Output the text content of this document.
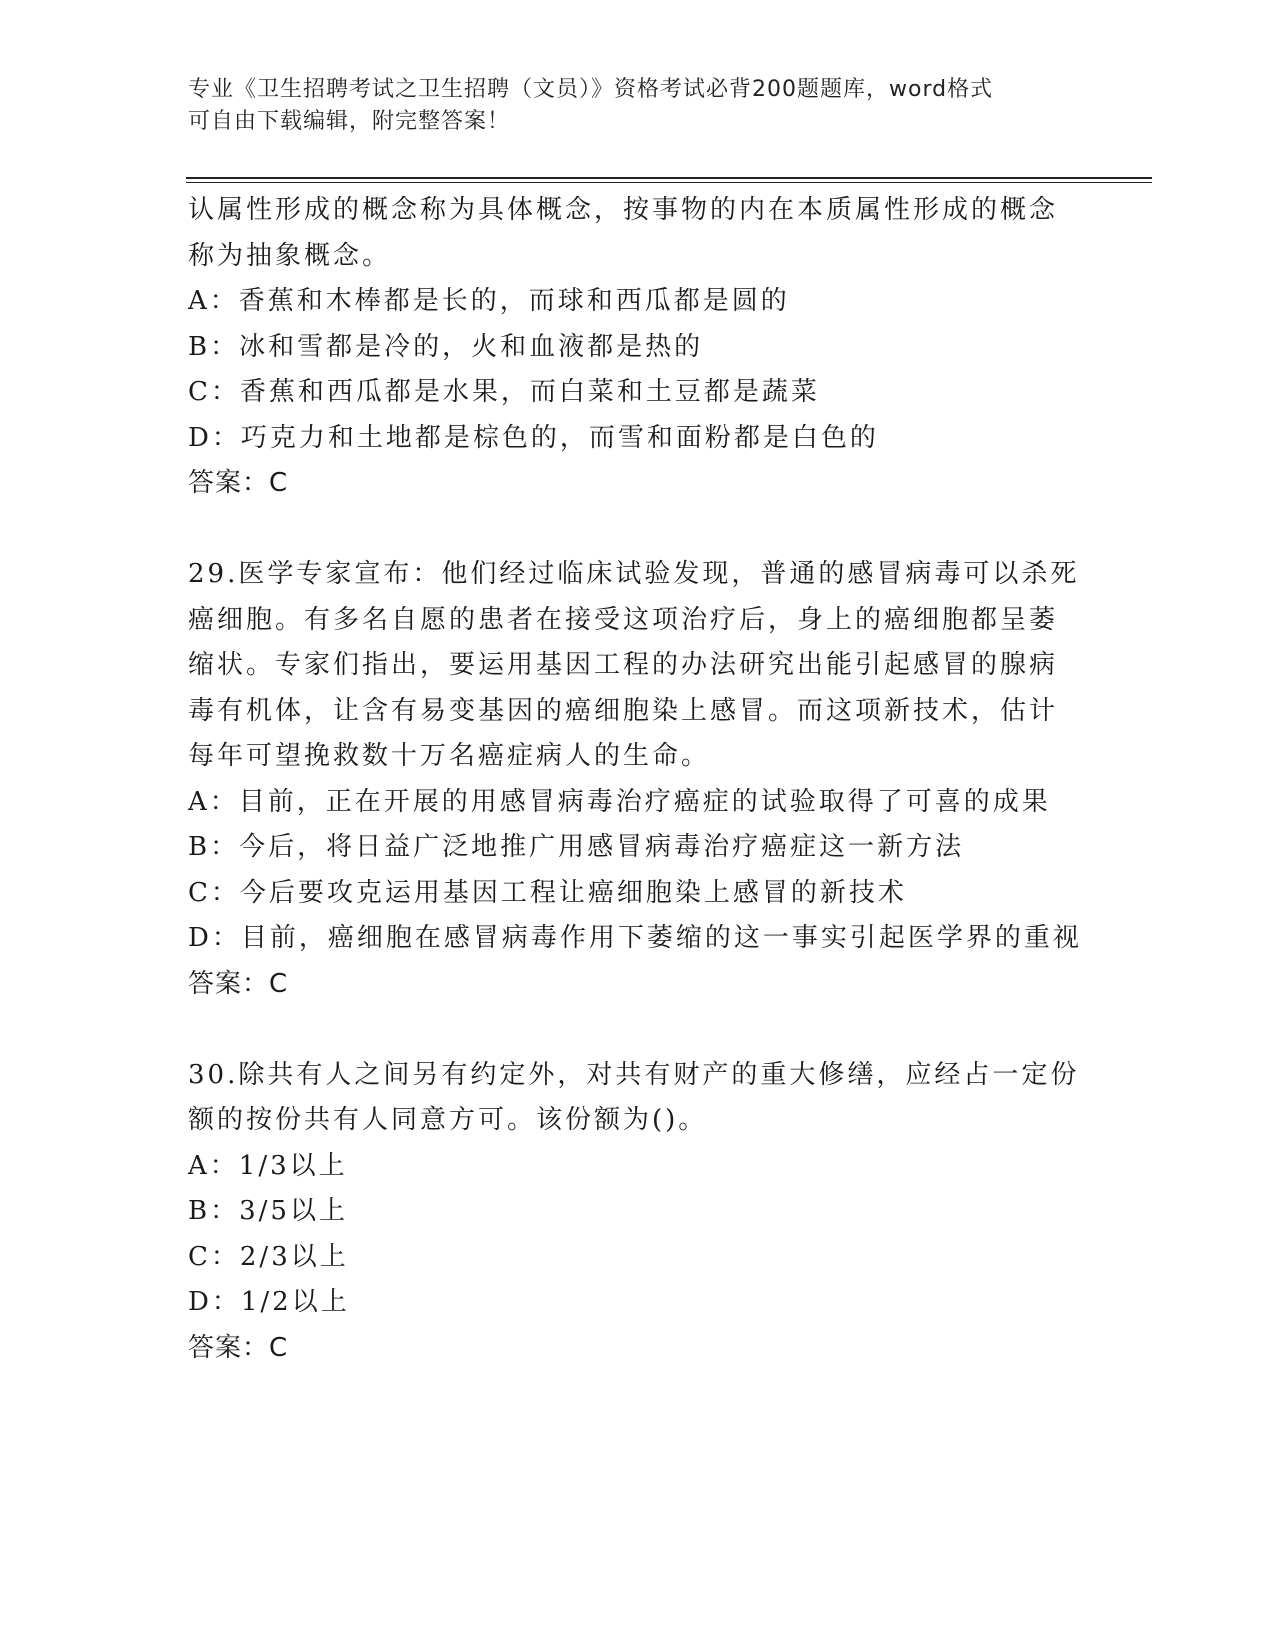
专业《卫生招聘考试之卫生招聘（文员）》资格考试必背200题题库，word格式
可自由下载编辑，附完整答案！
认属性形成的概念称为具体概念，按事物的内在本质属性形成的概念
称为抽象概念。
A：香蕉和木棒都是长的，而球和西瓜都是圆的
B：冰和雪都是冷的，火和血液都是热的
C：香蕉和西瓜都是水果，而白菜和土豆都是蔬菜
D：巧克力和土地都是棕色的，而雪和面粉都是白色的
答案：C
29.医学专家宣布：他们经过临床试验发现，普通的感冒病毒可以杀死
癌细胞。有多名自愿的患者在接受这项治疗后，身上的癌细胞都呈萎
缩状。专家们指出，要运用基因工程的办法研究出能引起感冒的腺病
毒有机体，让含有易变基因的癌细胞染上感冒。而这项新技术，估计
每年可望挽救数十万名癌症病人的生命。
A：目前，正在开展的用感冒病毒治疗癌症的试验取得了可喜的成果
B：今后，将日益广泛地推广用感冒病毒治疗癌症这一新方法
C：今后要攻克运用基因工程让癌细胞染上感冒的新技术
D：目前，癌细胞在感冒病毒作用下萎缩的这一事实引起医学界的重视
答案：C
30.除共有人之间另有约定外，对共有财产的重大修缮，应经占一定份
额的按份共有人同意方可。该份额为()。
A：1/3以上
B：3/5以上
C：2/3以上
D：1/2以上
答案：C
